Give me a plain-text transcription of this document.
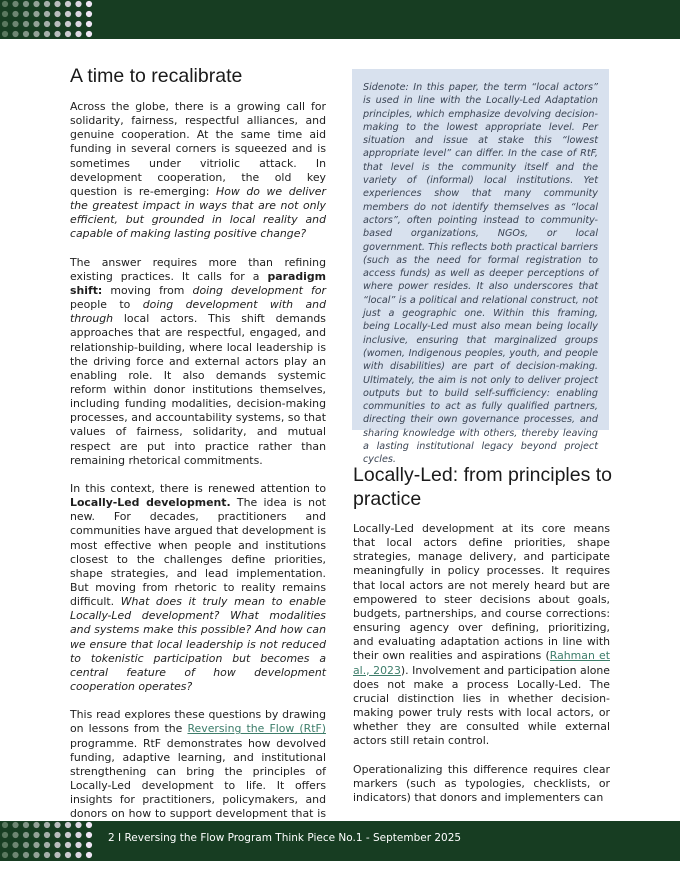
A time to recalibrate

Across the globe, there is a growing call for solidarity, fairness, respectful alliances, and genuine cooperation. At the same time aid funding in several corners is squeezed and is sometimes under vitriolic attack. In development cooperation, the old key question is re-emerging: How do we deliver the greatest impact in ways that are not only efficient, but grounded in local reality and capable of making lasting positive change?

The answer requires more than refining existing practices. It calls for a paradigm shift: moving from doing development for people to doing development with and through local actors. This shift demands approaches that are respectful, engaged, and relationship-building, where local leadership is the driving force and external actors play an enabling role. It also demands systemic reform within donor institutions themselves, including funding modalities, decision-making processes, and accountability systems, so that values of fairness, solidarity, and mutual respect are put into practice rather than remaining rhetorical commitments.

In this context, there is renewed attention to Locally-Led development. The idea is not new. For decades, practitioners and communities have argued that development is most effective when people and institutions closest to the challenges define priorities, shape strategies, and lead implementation. But moving from rhetoric to reality remains difficult. What does it truly mean to enable Locally-Led development? What modalities and systems make this possible? And how can we ensure that local leadership is not reduced to tokenistic participation but becomes a central feature of how development cooperation operates?

This read explores these questions by drawing on lessons from the Reversing the Flow (RtF) programme. RtF demonstrates how devolved funding, adaptive learning, and institutional strengthening can bring the principles of Locally-Led development to life. It offers insights for practitioners, policymakers, and donors on how to support development that is

Sidenote: In this paper, the term “local actors” is used in line with the Locally-Led Adaptation principles, which emphasize devolving decision-making to the lowest appropriate level. Per situation and issue at stake this “lowest appropriate level” can differ. In the case of RtF, that level is the community itself and the variety of (informal) local institutions. Yet experiences show that many community members do not identify themselves as “local actors”, often pointing instead to community-based organizations, NGOs, or local government. This reflects both practical barriers (such as the need for formal registration to access funds) as well as deeper perceptions of where power resides. It also underscores that “local” is a political and relational construct, not just a geographic one. Within this framing, being Locally-Led must also mean being locally inclusive, ensuring that marginalized groups (women, Indigenous peoples, youth, and people with disabilities) are part of decision-making. Ultimately, the aim is not only to deliver project outputs but to build self-sufficiency: enabling communities to act as fully qualified partners, directing their own governance processes, and sharing knowledge with others, thereby leaving a lasting institutional legacy beyond project cycles.

Locally-Led: from principles to practice

Locally-Led development at its core means that local actors define priorities, shape strategies, manage delivery, and participate meaningfully in policy processes. It requires that local actors are not merely heard but are empowered to steer decisions about goals, budgets, partnerships, and course corrections: ensuring agency over defining, prioritizing, and evaluating adaptation actions in line with their own realities and aspirations (Rahman et al., 2023). Involvement and participation alone does not make a process Locally-Led. The crucial distinction lies in whether decision-making power truly rests with local actors, or whether they are consulted while external actors still retain control.

Operationalizing this difference requires clear markers (such as typologies, checklists, or indicators) that donors and implementers can

2 I Reversing the Flow Program Think Piece No.1 - September 2025
